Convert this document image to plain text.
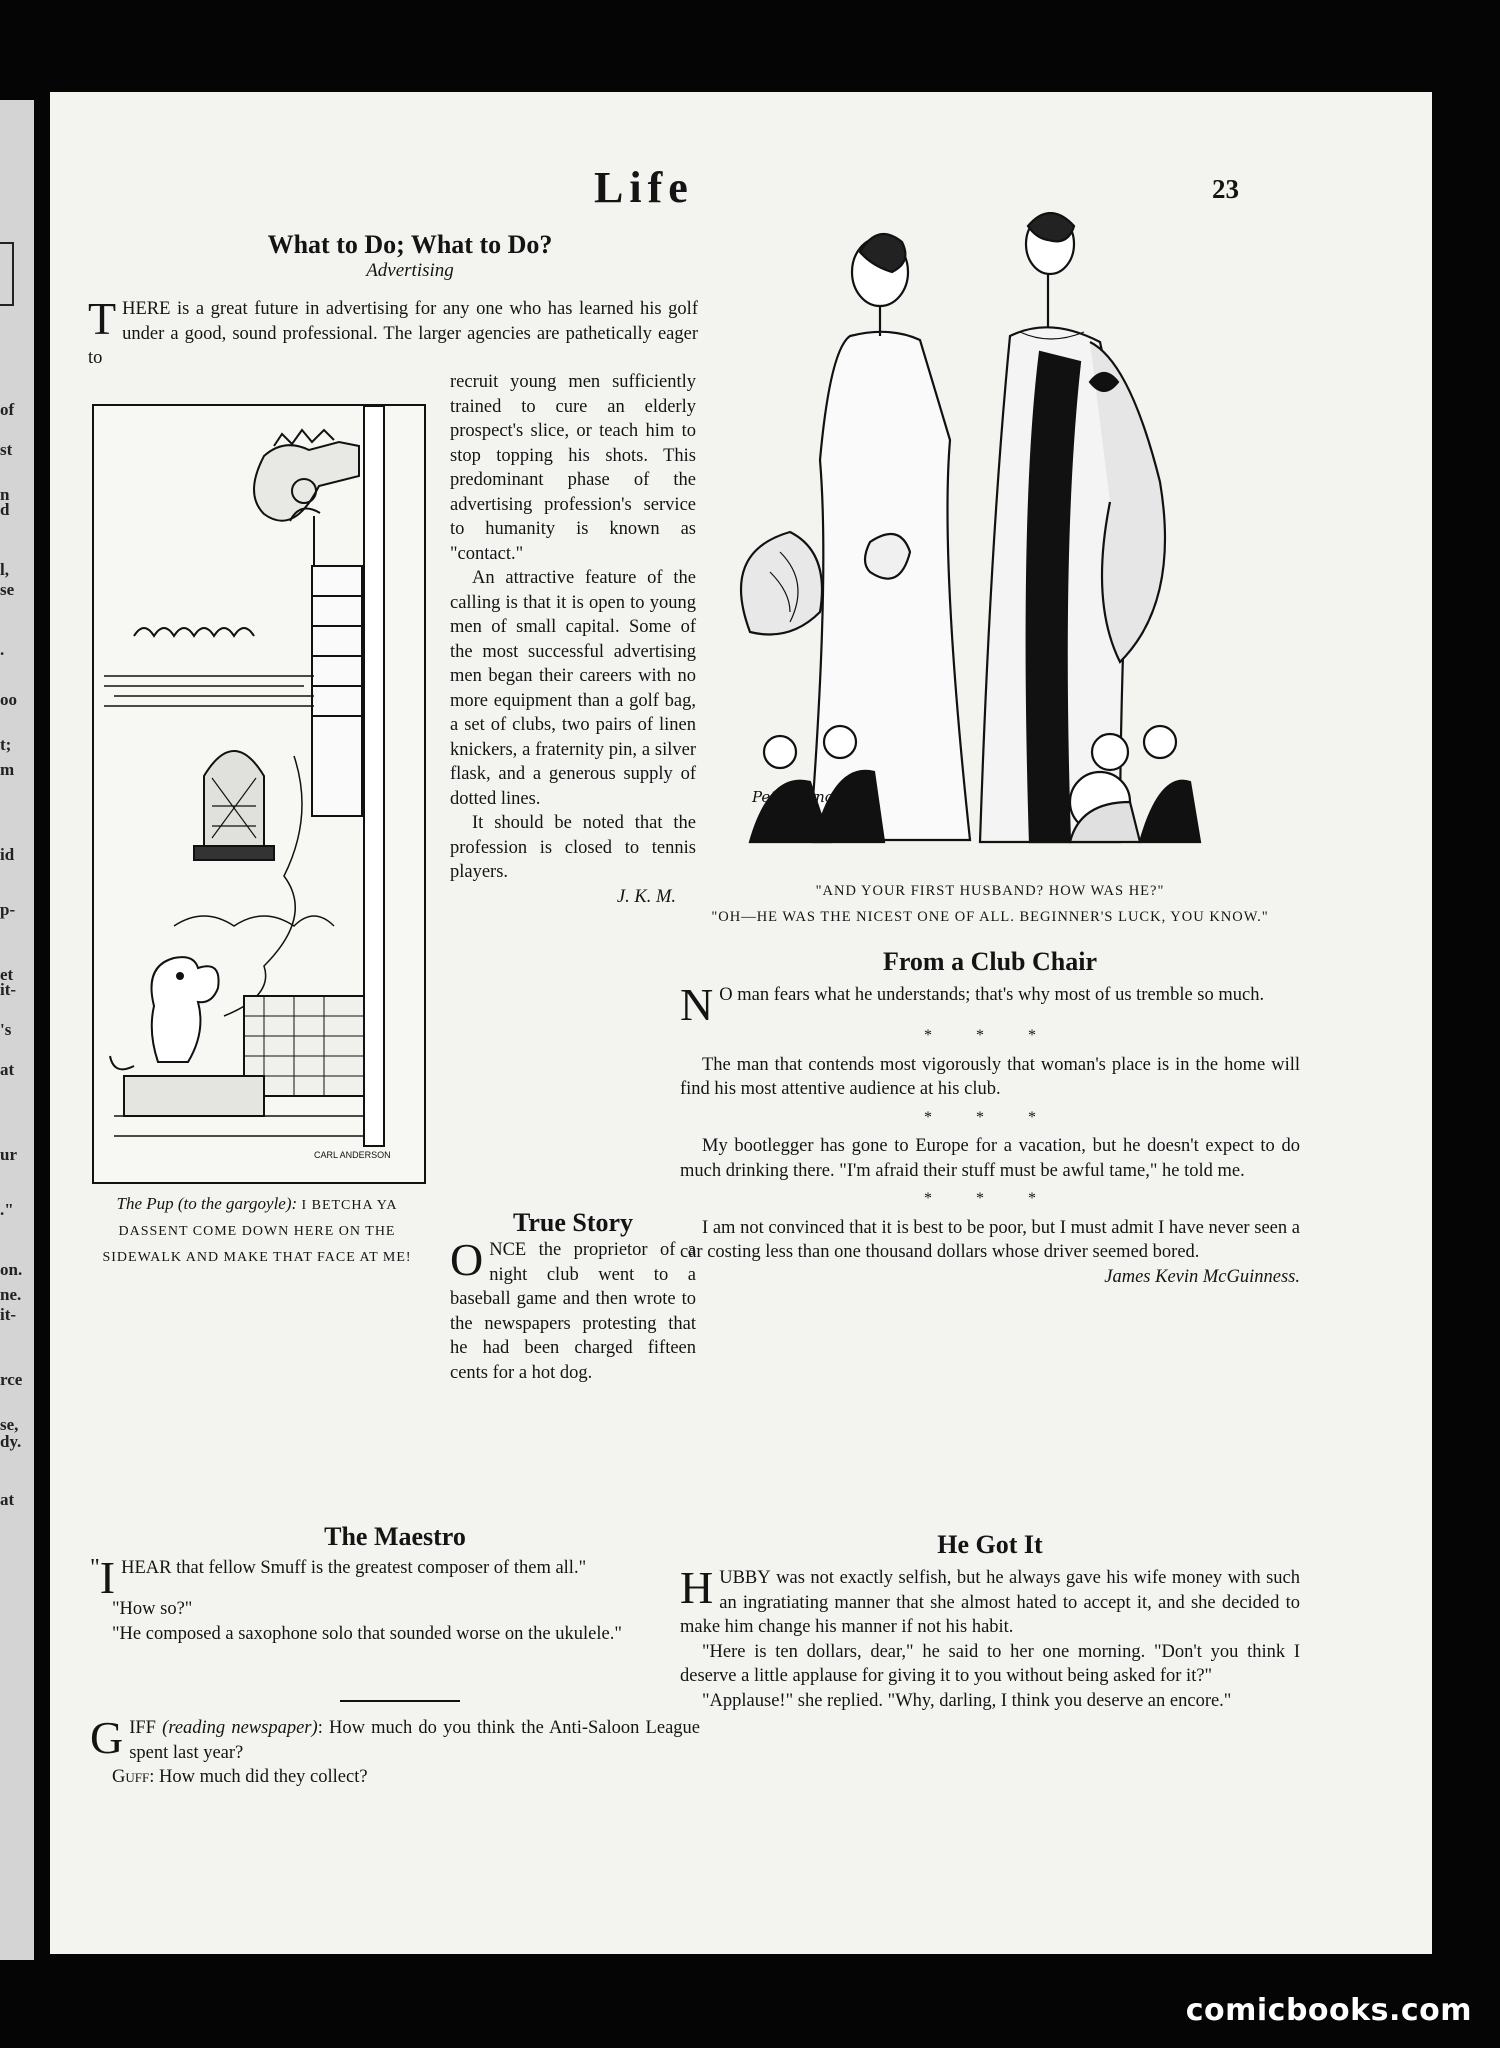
of
st
n
d
l,
se
.
oo
t;
m
id
p-
et
it-
's
at
ur
."
on.
ne.
it-
rce
se,
dy.
at
Life	23
What to Do; What to Do?
Advertising
THERE is a great future in advertising for any one who has learned his golf under a good, sound professional. The larger agencies are pathetically eager to

recruit young men sufficiently trained to cure an elderly prospect's slice, or teach him to stop topping his shots. This predominant phase of the advertising profession's service to humanity is known as "contact."

An attractive feature of the calling is that it is open to young men of small capital. Some of the most successful advertising men began their careers with no more equipment than a golf bag, a set of clubs, two pairs of linen knickers, a fraternity pin, a silver flask, and a generous supply of dotted lines.

It should be noted that the profession is closed to tennis players.

J. K. M.

CARL ANDERSON
The Pup (to the gargoyle): I BETCHA YA DASSENT COME DOWN HERE ON THE SIDEWALK AND MAKE THAT FACE AT ME!
True Story
ONCE the proprietor of a night club went to a baseball game and then wrote to the newspapers protesting that he had been charged fifteen cents for a hot dog.
Peter Arno
"AND YOUR FIRST HUSBAND? HOW WAS HE?"
"OH—HE WAS THE NICEST ONE OF ALL. BEGINNER'S LUCK, YOU KNOW."
From a Club Chair

N O man fears what he understands; that's why most of us tremble so much.

* * *

The man that contends most vigorously that woman's place is in the home will find his most attentive audience at his club.

* * *

My bootlegger has gone to Europe for a vacation, but he doesn't expect to do much drinking there. "I'm afraid their stuff must be awful tame," he told me.

* * *

I am not convinced that it is best to be poor, but I must admit I have never seen a car costing less than one thousand dollars whose driver seemed bored.

James Kevin McGuinness.

The Maestro

" I HEAR that fellow Smuff is the greatest composer of them all."

"How so?"

"He composed a saxophone solo that sounded worse on the ukulele."

GIFF (reading newspaper): How much do you think the Anti-Saloon League spent last year?

Guff: How much did they collect?

He Got It

HUBBY was not exactly selfish, but he always gave his wife money with such an ingratiating manner that she almost hated to accept it, and she decided to make him change his manner if not his habit.

"Here is ten dollars, dear," he said to her one morning. "Don't you think I deserve a little applause for giving it to you without being asked for it?"

"Applause!" she replied. "Why, darling, I think you deserve an encore."

comicbooks.com
